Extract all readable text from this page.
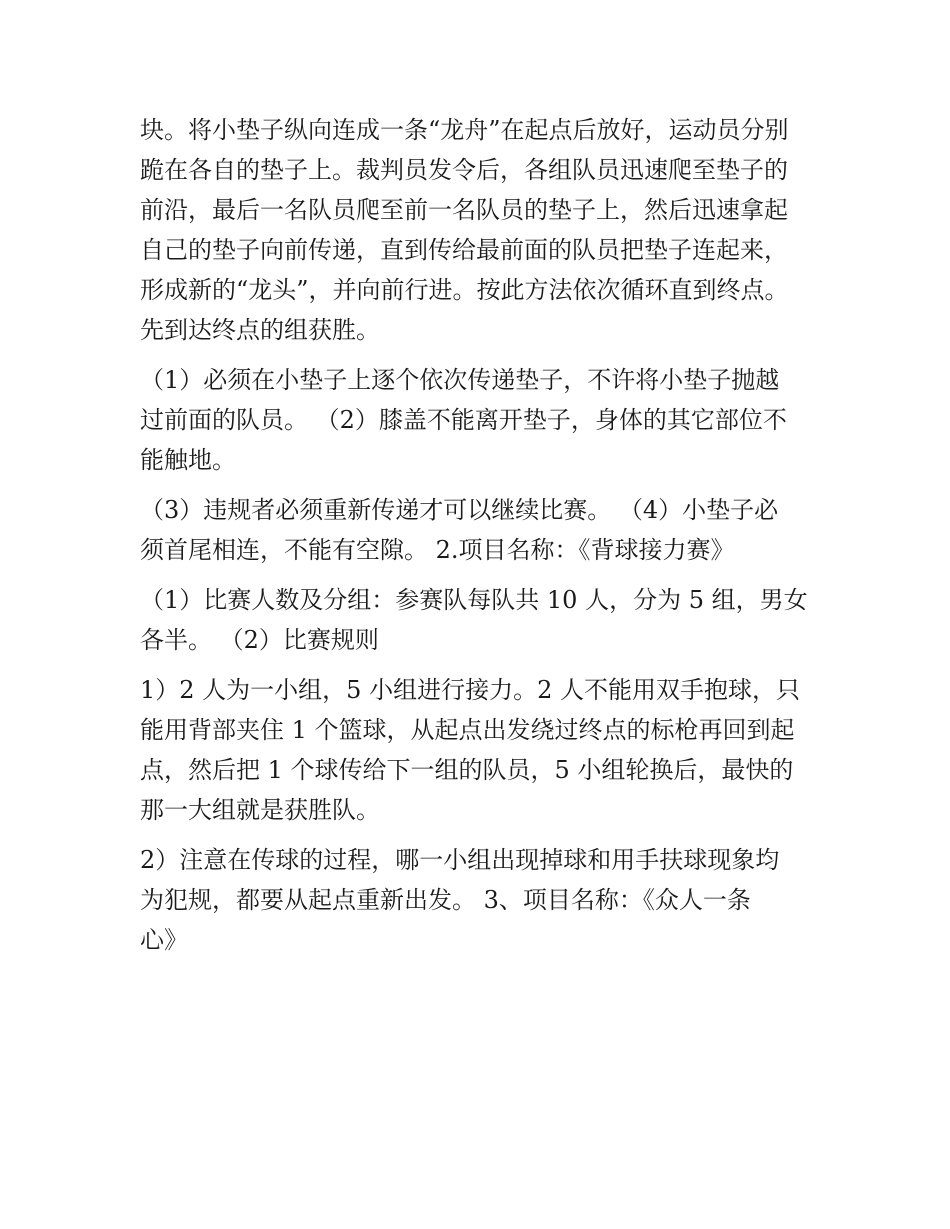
块。将小垫子纵向连成一条“龙舟”在起点后放好，运动员分别
跪在各自的垫子上。裁判员发令后，各组队员迅速爬至垫子的
前沿，最后一名队员爬至前一名队员的垫子上，然后迅速拿起
自己的垫子向前传递，直到传给最前面的队员把垫子连起来，
形成新的“龙头”，并向前行进。按此方法依次循环直到终点。
先到达终点的组获胜。
（1）必须在小垫子上逐个依次传递垫子，不许将小垫子抛越
过前面的队员。 （2）膝盖不能离开垫子，身体的其它部位不
能触地。
（3）违规者必须重新传递才可以继续比赛。 （4）小垫子必
须首尾相连，不能有空隙。 2.项目名称：《背球接力赛》
（1）比赛人数及分组：参赛队每队共 10 人，分为 5 组，男女
各半。 （2）比赛规则
1）2 人为一小组，5 小组进行接力。2 人不能用双手抱球，只
能用背部夹住 1 个篮球，从起点出发绕过终点的标枪再回到起
点，然后把 1 个球传给下一组的队员，5 小组轮换后，最快的
那一大组就是获胜队。
2）注意在传球的过程，哪一小组出现掉球和用手扶球现象均
为犯规，都要从起点重新出发。 3、项目名称：《众人一条
心》
